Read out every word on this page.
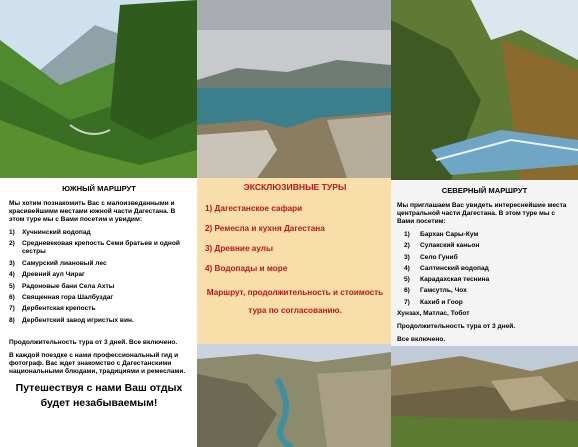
ЮЖНЫЙ МАРШРУТ
Мы хотим познакомить Вас с малоизведанными и красивейшими местами южной части Дагестана. В этом туре мы с Вами посетим и увидим:
1)	Хучнинский водопад
2)	Средневековая крепость Семи братьев и одной сестры
3)	Самурский лиановый лес
4)	Древний аул Чираг
5)	Радоновые бани Села Ахты
6)	Священная гора Шалбуздаг
7)	Дербентская крепость
8)	Дербентский завод игристых вин.
Продолжительность тура от 3 дней. Все включено.
В каждой поездке с нами профессиональный гид и фотограф. Вас ждет знакомство с Дагестанскими национальными блюдами, традициями и ремеслами.
Путешествуя с нами Ваш отдых будет незабываемым!
ЭКСКЛЮЗИВНЫЕ ТУРЫ
1) Дагестанское сафари
2) Ремесла и кухня Дагестана
3) Древние аулы
4) Водопады и море
Маршрут, продолжительность и стоимость тура по согласованию.
СЕВЕРНЫЙ МАРШРУТ
Мы приглашаем Вас увидеть интереснейшие места центральной части Дагестана. В этом туре мы с Вами посетим:
1)	Бархан Сары-Кум
2)	Сулакский каньон
3)	Село Гуниб
4)	Салтинский водопад
5)	Карадахская теснина
6)	Гамсутль, Чох
7)	Кахиб и Гоор
Хунзах, Матлас, Тобот
Продолжительность тура от 3 дней.
Все включено.
